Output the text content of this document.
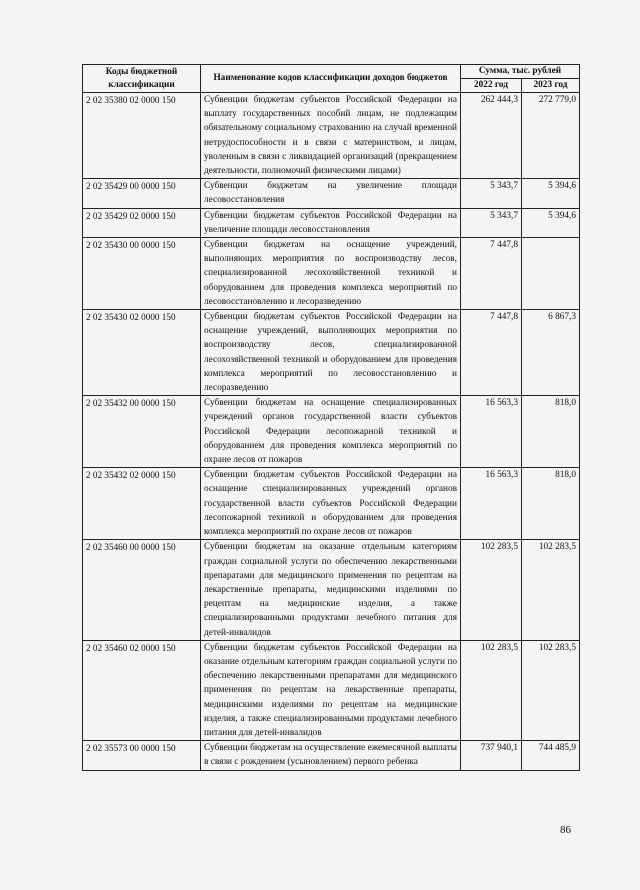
Коды бюджетной классификации	Наименование кодов классификации доходов бюджетов	Сумма, тыс. рублей	
		2022 год	2023 год
2 02 35380 02 0000 150	Субвенции бюджетам субъектов Российской Федерации на выплату государственных пособий лицам, не подлежащим обязательному социальному страхованию на случай временной нетрудоспособности и в связи с материнством, и лицам, уволенным в связи с ликвидацией организаций (прекращением деятельности, полномочий физическими лицами)	262 444,3	272 779,0
2 02 35429 00 0000 150	Субвенции бюджетам на увеличение площади лесовосстановления	5 343,7	5 394,6
2 02 35429 02 0000 150	Субвенции бюджетам субъектов Российской Федерации на увеличение площади лесовосстановления	5 343,7	5 394,6
2 02 35430 00 0000 150	Субвенции бюджетам на оснащение учреждений, выполняющих мероприятия по воспроизводству лесов, специализированной лесохозяйственной техникой и оборудованием для проведения комплекса мероприятий по лесовосстановлению и лесоразведению	7 447,8	
2 02 35430 02 0000 150	Субвенции бюджетам субъектов Российской Федерации на оснащение учреждений, выполняющих мероприятия по воспроизводству лесов, специализированной лесохозяйственной техникой и оборудованием для проведения комплекса мероприятий по лесовосстановлению и лесоразведению	7 447,8	6 867,3
2 02 35432 00 0000 150	Субвенции бюджетам на оснащение специализированных учреждений органов государственной власти субъектов Российской Федерации лесопожарной техникой и оборудованием для проведения комплекса мероприятий по охране лесов от пожаров	16 563,3	818,0
2 02 35432 02 0000 150	Субвенции бюджетам субъектов Российской Федерации на оснащение специализированных учреждений органов государственной власти субъектов Российской Федерации лесопожарной техникой и оборудованием для проведения комплекса мероприятий по охране лесов от пожаров	16 563,3	818,0
2 02 35460 00 0000 150	Субвенции бюджетам на оказание отдельным категориям граждан социальной услуги по обеспечению лекарственными препаратами для медицинского применения по рецептам на лекарственные препараты, медицинскими изделиями по рецептам на медицинские изделия, а также специализированными продуктами лечебного питания для детей-инвалидов	102 283,5	102 283,5
2 02 35460 02 0000 150	Субвенции бюджетам субъектов Российской Федерации на оказание отдельным категориям граждан социальной услуги по обеспечению лекарственными препаратами для медицинского применения по рецептам на лекарственные препараты, медицинскими изделиями по рецептам на медицинские изделия, а также специализированными продуктами лечебного питания для детей-инвалидов	102 283,5	102 283,5
2 02 35573 00 0000 150	Субвенции бюджетам на осуществление ежемесячной выплаты в связи с рождением (усыновлением) первого ребенка	737 940,1	744 485,9
86
